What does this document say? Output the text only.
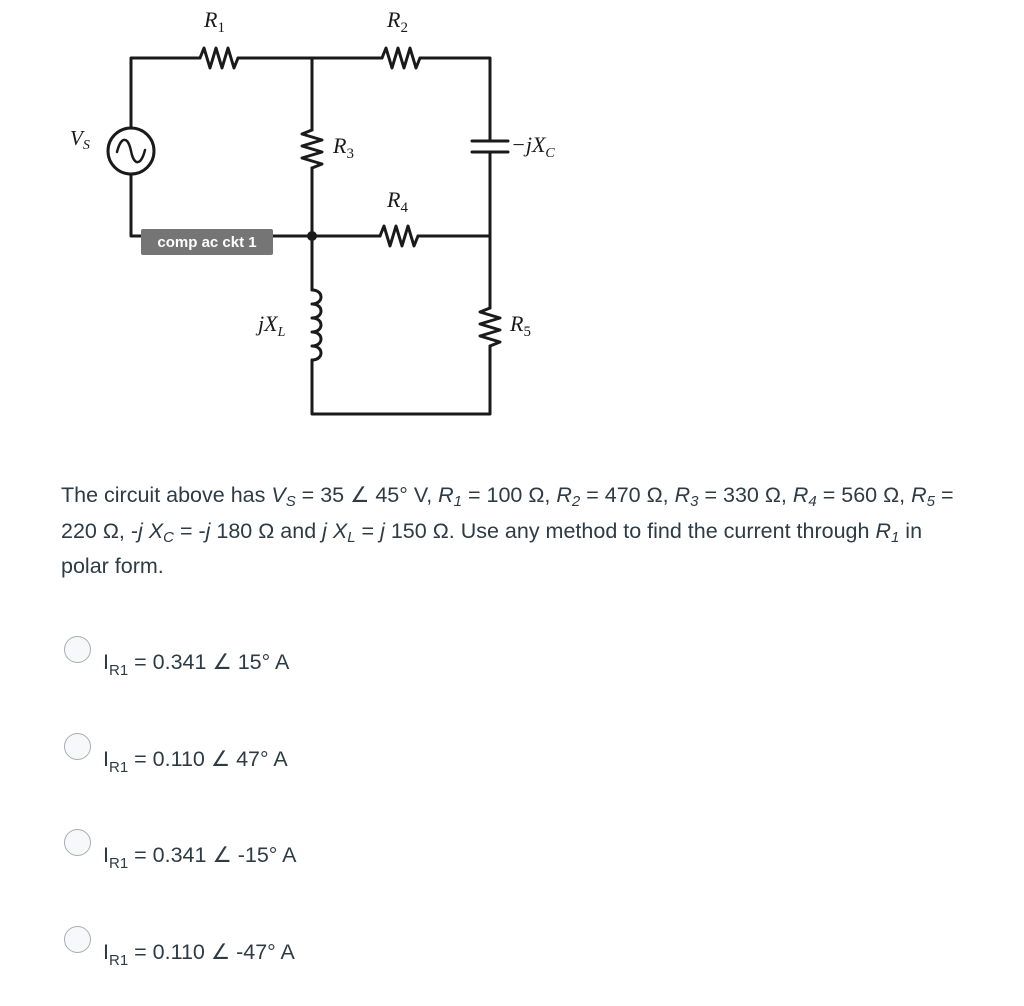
$R_1$	$R_2$
$R_3$
$R_4$
$R_5$
VS	$-jX_C$
$jX_L$
comp ac ckt 1
The circuit above has $V_S = 35$ ∠ 45° V, $R_1 = 100$ Ω, $R_2 = 470$ Ω, $R_3 = 330$ Ω, $R_4 = 560$ Ω, $R_5 = 220$ Ω, -j $X_C = -j$ 180 Ω and j $X_L = j$ 150 Ω. Use any method to find the current through $R_1$ in polar form.
$I_{R1} = 0.341$ ∠ 15° A
$I_{R1} = 0.110$ ∠ 47° A
$I_{R1} = 0.341$ ∠ -15° A
$I_{R1} = 0.110$ ∠ -47° A
